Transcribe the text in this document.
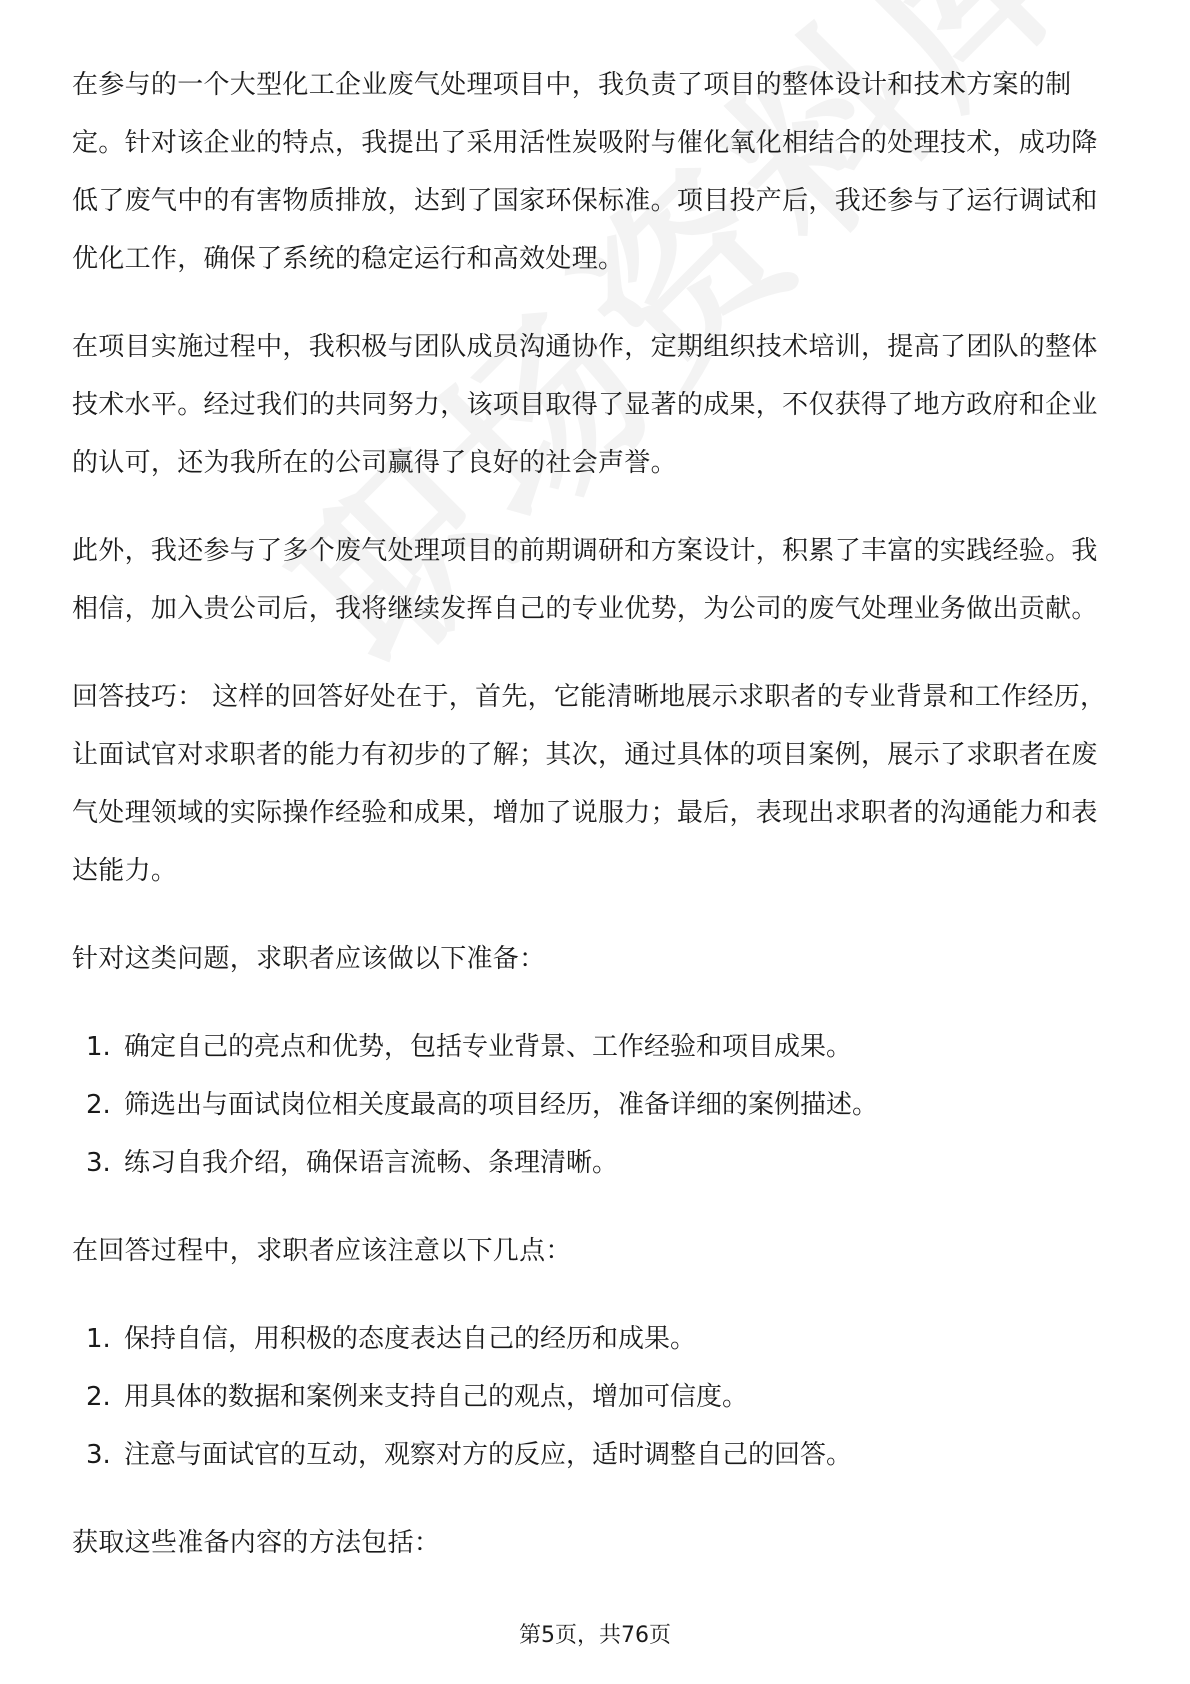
在参与的一个大型化工企业废气处理项目中，我负责了项目的整体设计和技术方案的制定。针对该企业的特点，我提出了采用活性炭吸附与催化氧化相结合的处理技术，成功降低了废气中的有害物质排放，达到了国家环保标准。项目投产后，我还参与了运行调试和优化工作，确保了系统的稳定运行和高效处理。

在项目实施过程中，我积极与团队成员沟通协作，定期组织技术培训，提高了团队的整体技术水平。经过我们的共同努力，该项目取得了显著的成果，不仅获得了地方政府和企业的认可，还为我所在的公司赢得了良好的社会声誉。

此外，我还参与了多个废气处理项目的前期调研和方案设计，积累了丰富的实践经验。我相信，加入贵公司后，我将继续发挥自己的专业优势，为公司的废气处理业务做出贡献。

回答技巧： 这样的回答好处在于，首先，它能清晰地展示求职者的专业背景和工作经历，让面试官对求职者的能力有初步的了解；其次，通过具体的项目案例，展示了求职者在废气处理领域的实际操作经验和成果，增加了说服力；最后，表现出求职者的沟通能力和表达能力。

针对这类问题，求职者应该做以下准备：

1. 确定自己的亮点和优势，包括专业背景、工作经验和项目成果。
2. 筛选出与面试岗位相关度最高的项目经历，准备详细的案例描述。
3. 练习自我介绍，确保语言流畅、条理清晰。

在回答过程中，求职者应该注意以下几点：

1. 保持自信，用积极的态度表达自己的经历和成果。
2. 用具体的数据和案例来支持自己的观点，增加可信度。
3. 注意与面试官的互动，观察对方的反应，适时调整自己的回答。

获取这些准备内容的方法包括：

第5页，共76页
